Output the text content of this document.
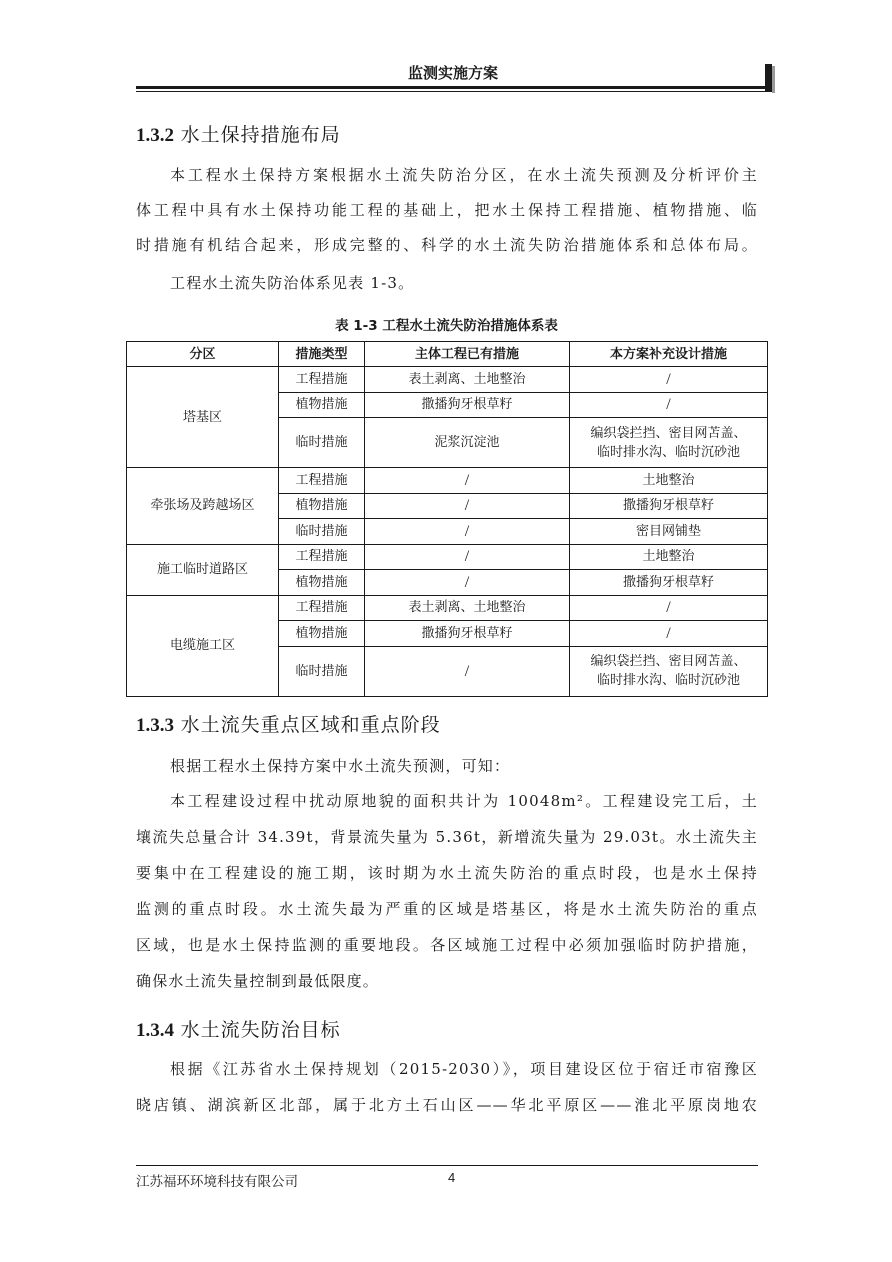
监测实施方案
1.3.2 水土保持措施布局
本工程水土保持方案根据水土流失防治分区，在水土流失预测及分析评价主
体工程中具有水土保持功能工程的基础上，把水土保持工程措施、植物措施、临
时措施有机结合起来，形成完整的、科学的水土流失防治措施体系和总体布局。
工程水土流失防治体系见表 1-3。
表 1-3 工程水土流失防治措施体系表
分区	措施类型	主体工程已有措施	本方案补充设计措施
塔基区	工程措施	表土剥离、土地整治	/
	植物措施	撒播狗牙根草籽	/
	临时措施	泥浆沉淀池	编织袋拦挡、密目网苫盖、
临时排水沟、临时沉砂池

牵张场及跨越场区	工程措施	/	土地整治
	植物措施	/	撒播狗牙根草籽
	临时措施	/	密目网铺垫
施工临时道路区	工程措施	/	土地整治
	植物措施	/	撒播狗牙根草籽
电缆施工区	工程措施	表土剥离、土地整治	/
	植物措施	撒播狗牙根草籽	/
	临时措施	/	编织袋拦挡、密目网苫盖、
临时排水沟、临时沉砂池
1.3.3 水土流失重点区域和重点阶段
根据工程水土保持方案中水土流失预测，可知：
本工程建设过程中扰动原地貌的面积共计为 10048m²。工程建设完工后，土
壤流失总量合计 34.39t，背景流失量为 5.36t，新增流失量为 29.03t。水土流失主
要集中在工程建设的施工期，该时期为水土流失防治的重点时段，也是水土保持
监测的重点时段。水土流失最为严重的区域是塔基区，将是水土流失防治的重点
区域，也是水土保持监测的重要地段。各区域施工过程中必须加强临时防护措施，
确保水土流失量控制到最低限度。
1.3.4 水土流失防治目标
根据《江苏省水土保持规划（2015-2030）》，项目建设区位于宿迁市宿豫区
晓店镇、湖滨新区北部，属于北方土石山区——华北平原区——淮北平原岗地农
江苏福环环境科技有限公司	4
